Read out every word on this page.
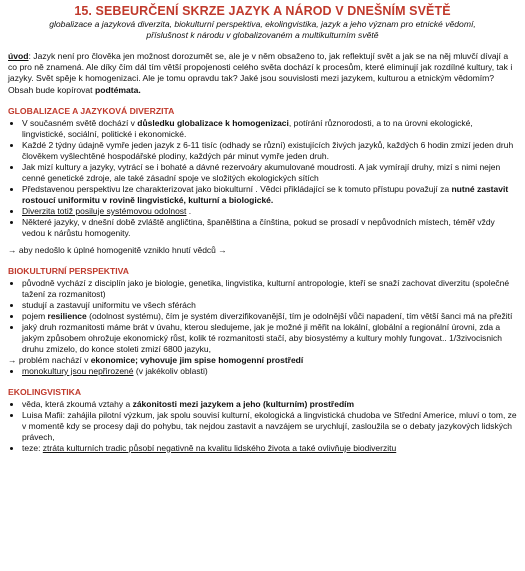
15. SEBEURČENÍ SKRZE JAZYK A NÁROD V DNEŠNÍM SVĚTĚ
globalizace a jazyková diverzita, biokulturní perspektiva, ekolingvistika, jazyk a jeho význam pro etnické vědomí, příslušnost k národu v globalizovaném a multikulturním světě
úvod: Jazyk není pro člověka jen možnost dorozumět se, ale je v něm obsaženo to, jak reflektují svět a jak se na něj mluvčí dívají a co pro ně znamená. Ale díky čím dál tím větší propojenosti celého světa dochází k procesům, které eliminují jak rozdílné kultury, tak i jazyky. Svět spěje k homogenizaci. Ale je tomu opravdu tak? Jaké jsou souvislosti mezi jazykem, kulturou a etnickým vědomím?
Obsah bude kopírovat podtémata.
GLOBALIZACE A JAZYKOVÁ DIVERZITA
• V současném světě dochází v důsledku globalizace k homogenizaci, potírání různorodosti, a to na úrovni ekologické, lingvistické, sociální, politické i ekonomické.
• Každé 2 týdny údajně vymře jeden jazyk z 6-11 tisíc (odhady se různí) existujících živých jazyků, každých 6 hodin zmizí jeden druh člověkem vyšlechtěné hospodářské plodiny, každých pár minut vymře jeden druh.
• Jak mizí kultury a jazyky, vytrácí se i bohaté a dávné rezervoáry akumulované moudrosti. A jak vymírají druhy, mizí s nimi nejen cenné genetické zdroje, ale také zásadní spoje ve složitých ekologických sítích
• Představenou perspektivu lze charakterizovat jako biokulturní . Vědci přikládající se k tomuto přístupu považují za nutné zastavit rostoucí uniformitu v rovině lingvistické, kulturní a biologické.
• Diverzita totiž posiluje systémovou odolnost .
• Některé jazyky, v dnešní době zvláště angličtina, španělština a čínština, pokud se prosadí v nepůvodních místech, téměř vždy vedou k nárůstu homogenity.
→ aby nedošlo k úplné homogenitě vzniklo hnutí vědců →
BIOKULTURNÍ PERSPEKTIVA
• původně vychází z disciplín jako je biologie, genetika, lingvistika, kulturní antropologie, kteří se snaží zachovat diverzitu (společné tažení za rozmanitost)
• studují a zastavují uniformitu ve všech sférách
• pojem resilience (odolnost systému), čím je systém diverzifikovanější, tím je odolnější vůči napadení, tím větší šanci má na přežití
• jaký druh rozmanitosti máme brát v úvahu, kterou sledujeme, jak je možné ji měřit na lokální, globální a regionální úrovni, zda a jakým způsobem ohrožuje ekonomický růst, kolik té rozmanitosti stačí, aby biosystémy a kultury mohly fungovat.. 1/3zivocisnich druhu zmizelo, do konce stoleti zmizí 6800 jazyku,
→ problém nachází v ekonomice; vyhovuje jim spise homogenní prostředí
• monokultury jsou nepřirozené (v jakékoliv oblasti)
EKOLINGVISTIKA
• věda, která zkoumá vztahy a zákonitosti mezi jazykem a jeho (kulturním) prostředím
• Luisa Mafii: zahájila pilotní výzkum, jak spolu souvisí kulturní, ekologická a lingvistická chudoba ve Střední Americe, mluví o tom, ze v momentě kdy se procesy daji do pohybu, tak nejdou zastavit a navzájem se urychlují, zasloužila se o debaty jazykových lidských právech,
• teze: ztráta kulturních tradic působí negativně na kvalitu lidského života a také ovlivňuje biodiverzitu
